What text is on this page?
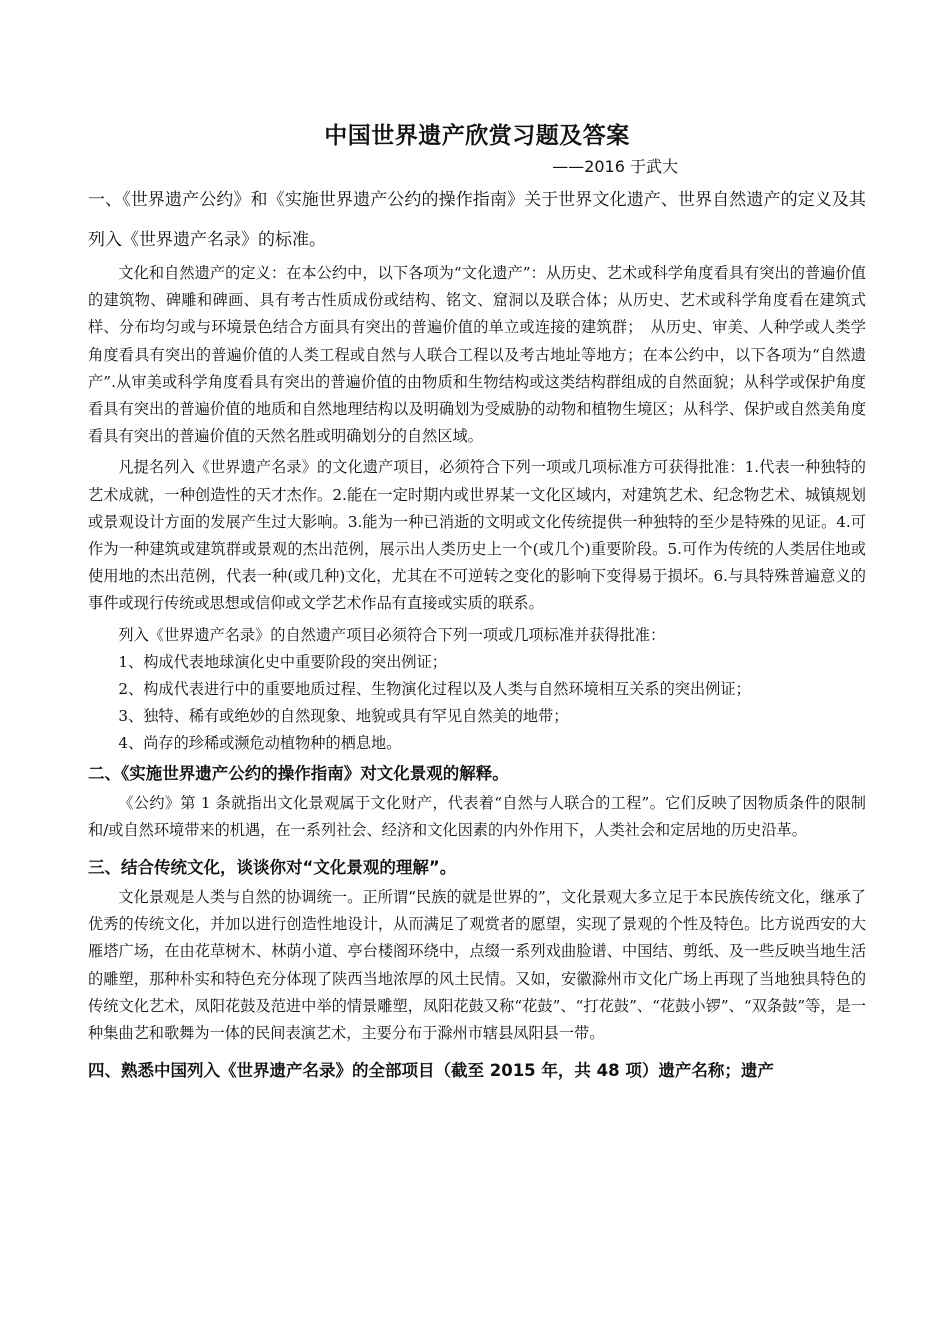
中国世界遗产欣赏习题及答案

——2016 于武大

一、《世界遗产公约》和《实施世界遗产公约的操作指南》关于世界文化遗产、世界自然遗产的定义及其列入《世界遗产名录》的标准。

文化和自然遗产的定义：在本公约中，以下各项为“文化遗产”：从历史、艺术或科学角度看具有突出的普遍价值的建筑物、碑雕和碑画、具有考古性质成份或结构、铭文、窟洞以及联合体；从历史、艺术或科学角度看在建筑式样、分布均匀或与环境景色结合方面具有突出的普遍价值的单立或连接的建筑群；　从历史、审美、人种学或人类学角度看具有突出的普遍价值的人类工程或自然与人联合工程以及考古地址等地方；在本公约中，以下各项为“自然遗产”.从审美或科学角度看具有突出的普遍价值的由物质和生物结构或这类结构群组成的自然面貌；从科学或保护角度看具有突出的普遍价值的地质和自然地理结构以及明确划为受威胁的动物和植物生境区；从科学、保护或自然美角度看具有突出的普遍价值的天然名胜或明确划分的自然区域。

凡提名列入《世界遗产名录》的文化遗产项目，必须符合下列一项或几项标准方可获得批准：1.代表一种独特的艺术成就，一种创造性的天才杰作。2.能在一定时期内或世界某一文化区域内，对建筑艺术、纪念物艺术、城镇规划或景观设计方面的发展产生过大影响。3.能为一种已消逝的文明或文化传统提供一种独特的至少是特殊的见证。4.可作为一种建筑或建筑群或景观的杰出范例，展示出人类历史上一个(或几个)重要阶段。5.可作为传统的人类居住地或使用地的杰出范例，代表一种(或几种)文化，尤其在不可逆转之变化的影响下变得易于损坏。6.与具特殊普遍意义的事件或现行传统或思想或信仰或文学艺术作品有直接或实质的联系。

列入《世界遗产名录》的自然遗产项目必须符合下列一项或几项标准并获得批准：

1、构成代表地球演化史中重要阶段的突出例证；

2、构成代表进行中的重要地质过程、生物演化过程以及人类与自然环境相互关系的突出例证；

3、独特、稀有或绝妙的自然现象、地貌或具有罕见自然美的地带；

4、尚存的珍稀或濒危动植物种的栖息地。

二、《实施世界遗产公约的操作指南》对文化景观的解释。

《公约》第 1 条就指出文化景观属于文化财产，代表着“自然与人联合的工程”。它们反映了因物质条件的限制和/或自然环境带来的机遇，在一系列社会、经济和文化因素的内外作用下，人类社会和定居地的历史沿革。

三、结合传统文化，谈谈你对“文化景观的理解”。

文化景观是人类与自然的协调统一。正所谓“民族的就是世界的”，文化景观大多立足于本民族传统文化，继承了优秀的传统文化，并加以进行创造性地设计，从而满足了观赏者的愿望，实现了景观的个性及特色。比方说西安的大雁塔广场，在由花草树木、林荫小道、亭台楼阁环绕中，点缀一系列戏曲脸谱、中国结、剪纸、及一些反映当地生活的雕塑，那种朴实和特色充分体现了陕西当地浓厚的风土民情。又如，安徽滁州市文化广场上再现了当地独具特色的传统文化艺术，凤阳花鼓及范进中举的情景雕塑，凤阳花鼓又称“花鼓”、“打花鼓”、“花鼓小锣”、“双条鼓”等，是一种集曲艺和歌舞为一体的民间表演艺术，主要分布于滁州市辖县凤阳县一带。

四、熟悉中国列入《世界遗产名录》的全部项目（截至 2015 年，共 48 项）遗产名称；遗产
